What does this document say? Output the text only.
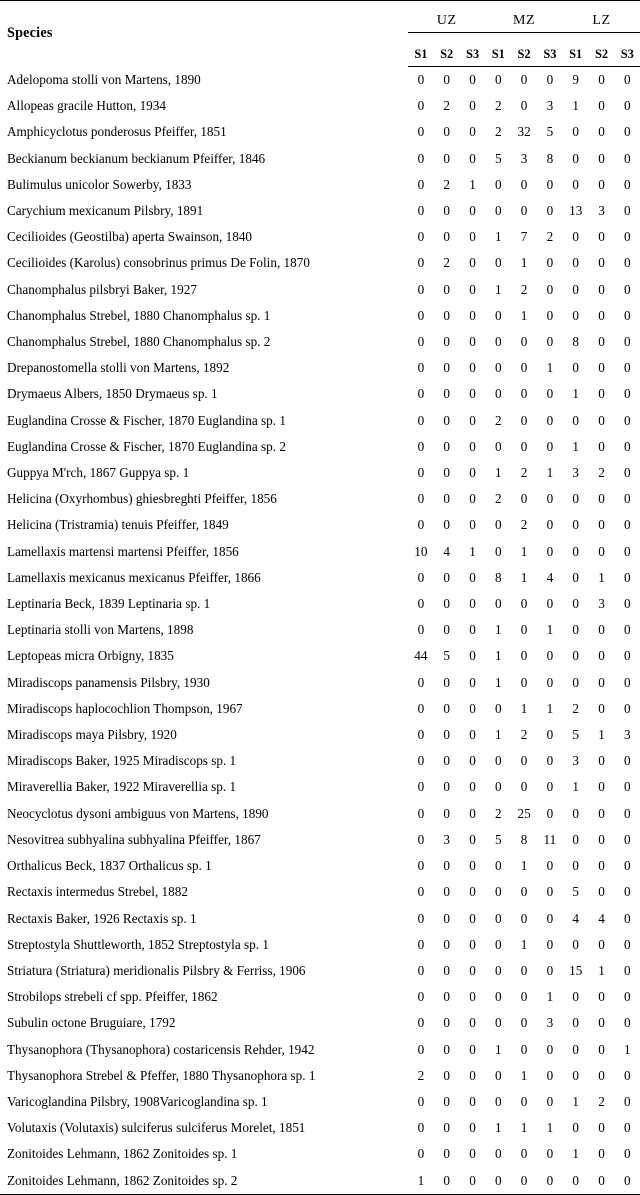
Species	UZ			MZ			LZ		
	S1	S2	S3	S1	S2	S3	S1	S2	S3
Adelopoma stolli von Martens, 1890	0	0	0	0	0	0	9	0	0
Allopeas gracile Hutton, 1934	0	2	0	2	0	3	1	0	0
Amphicyclotus ponderosus Pfeiffer, 1851	0	0	0	2	32	5	0	0	0
Beckianum beckianum beckianum Pfeiffer, 1846	0	0	0	5	3	8	0	0	0
Bulimulus unicolor Sowerby, 1833	0	2	1	0	0	0	0	0	0
Carychium mexicanum Pilsbry, 1891	0	0	0	0	0	0	13	3	0
Cecilioides (Geostilba) aperta Swainson, 1840	0	0	0	1	7	2	0	0	0
Cecilioides (Karolus) consobrinus primus De Folin, 1870	0	2	0	0	1	0	0	0	0
Chanomphalus pilsbryi Baker, 1927	0	0	0	1	2	0	0	0	0
Chanomphalus Strebel, 1880 Chanomphalus sp. 1	0	0	0	0	1	0	0	0	0
Chanomphalus Strebel, 1880 Chanomphalus sp. 2	0	0	0	0	0	0	8	0	0
Drepanostomella stolli von Martens, 1892	0	0	0	0	0	1	0	0	0
Drymaeus Albers, 1850 Drymaeus sp. 1	0	0	0	0	0	0	1	0	0
Euglandina Crosse & Fischer, 1870 Euglandina sp. 1	0	0	0	2	0	0	0	0	0
Euglandina Crosse & Fischer, 1870 Euglandina sp. 2	0	0	0	0	0	0	1	0	0
Guppya M'rch, 1867 Guppya sp. 1	0	0	0	1	2	1	3	2	0
Helicina (Oxyrhombus) ghiesbreghti Pfeiffer, 1856	0	0	0	2	0	0	0	0	0
Helicina (Tristramia) tenuis Pfeiffer, 1849	0	0	0	0	2	0	0	0	0
Lamellaxis martensi martensi Pfeiffer, 1856	10	4	1	0	1	0	0	0	0
Lamellaxis mexicanus mexicanus Pfeiffer, 1866	0	0	0	8	1	4	0	1	0
Leptinaria Beck, 1839 Leptinaria sp. 1	0	0	0	0	0	0	0	3	0
Leptinaria stolli von Martens, 1898	0	0	0	1	0	1	0	0	0
Leptopeas micra Orbigny, 1835	44	5	0	1	0	0	0	0	0
Miradiscops panamensis Pilsbry, 1930	0	0	0	1	0	0	0	0	0
Miradiscops haplocochlion Thompson, 1967	0	0	0	0	1	1	2	0	0
Miradiscops maya Pilsbry, 1920	0	0	0	1	2	0	5	1	3
Miradiscops Baker, 1925 Miradiscops sp. 1	0	0	0	0	0	0	3	0	0
Miraverellia Baker, 1922 Miraverellia sp. 1	0	0	0	0	0	0	1	0	0
Neocyclotus dysoni ambiguus von Martens, 1890	0	0	0	2	25	0	0	0	0
Nesovitrea subhyalina subhyalina Pfeiffer, 1867	0	3	0	5	8	11	0	0	0
Orthalicus Beck, 1837 Orthalicus sp. 1	0	0	0	0	1	0	0	0	0
Rectaxis intermedus Strebel, 1882	0	0	0	0	0	0	5	0	0
Rectaxis Baker, 1926 Rectaxis sp. 1	0	0	0	0	0	0	4	4	0
Streptostyla Shuttleworth, 1852 Streptostyla sp. 1	0	0	0	0	1	0	0	0	0
Striatura (Striatura) meridionalis Pilsbry & Ferriss, 1906	0	0	0	0	0	0	15	1	0
Strobilops strebeli cf spp. Pfeiffer, 1862	0	0	0	0	0	1	0	0	0
Subulin octone Bruguiare, 1792	0	0	0	0	0	3	0	0	0
Thysanophora (Thysanophora) costaricensis Rehder, 1942	0	0	0	1	0	0	0	0	1
Thysanophora Strebel & Pfeffer, 1880 Thysanophora sp. 1	2	0	0	0	1	0	0	0	0
Varicoglandina Pilsbry, 1908Varicoglandina sp. 1	0	0	0	0	0	0	1	2	0
Volutaxis (Volutaxis) sulciferus sulciferus Morelet, 1851	0	0	0	1	1	1	0	0	0
Zonitoides Lehmann, 1862 Zonitoides sp. 1	0	0	0	0	0	0	1	0	0
Zonitoides Lehmann, 1862 Zonitoides sp. 2	1	0	0	0	0	0	0	0	0
